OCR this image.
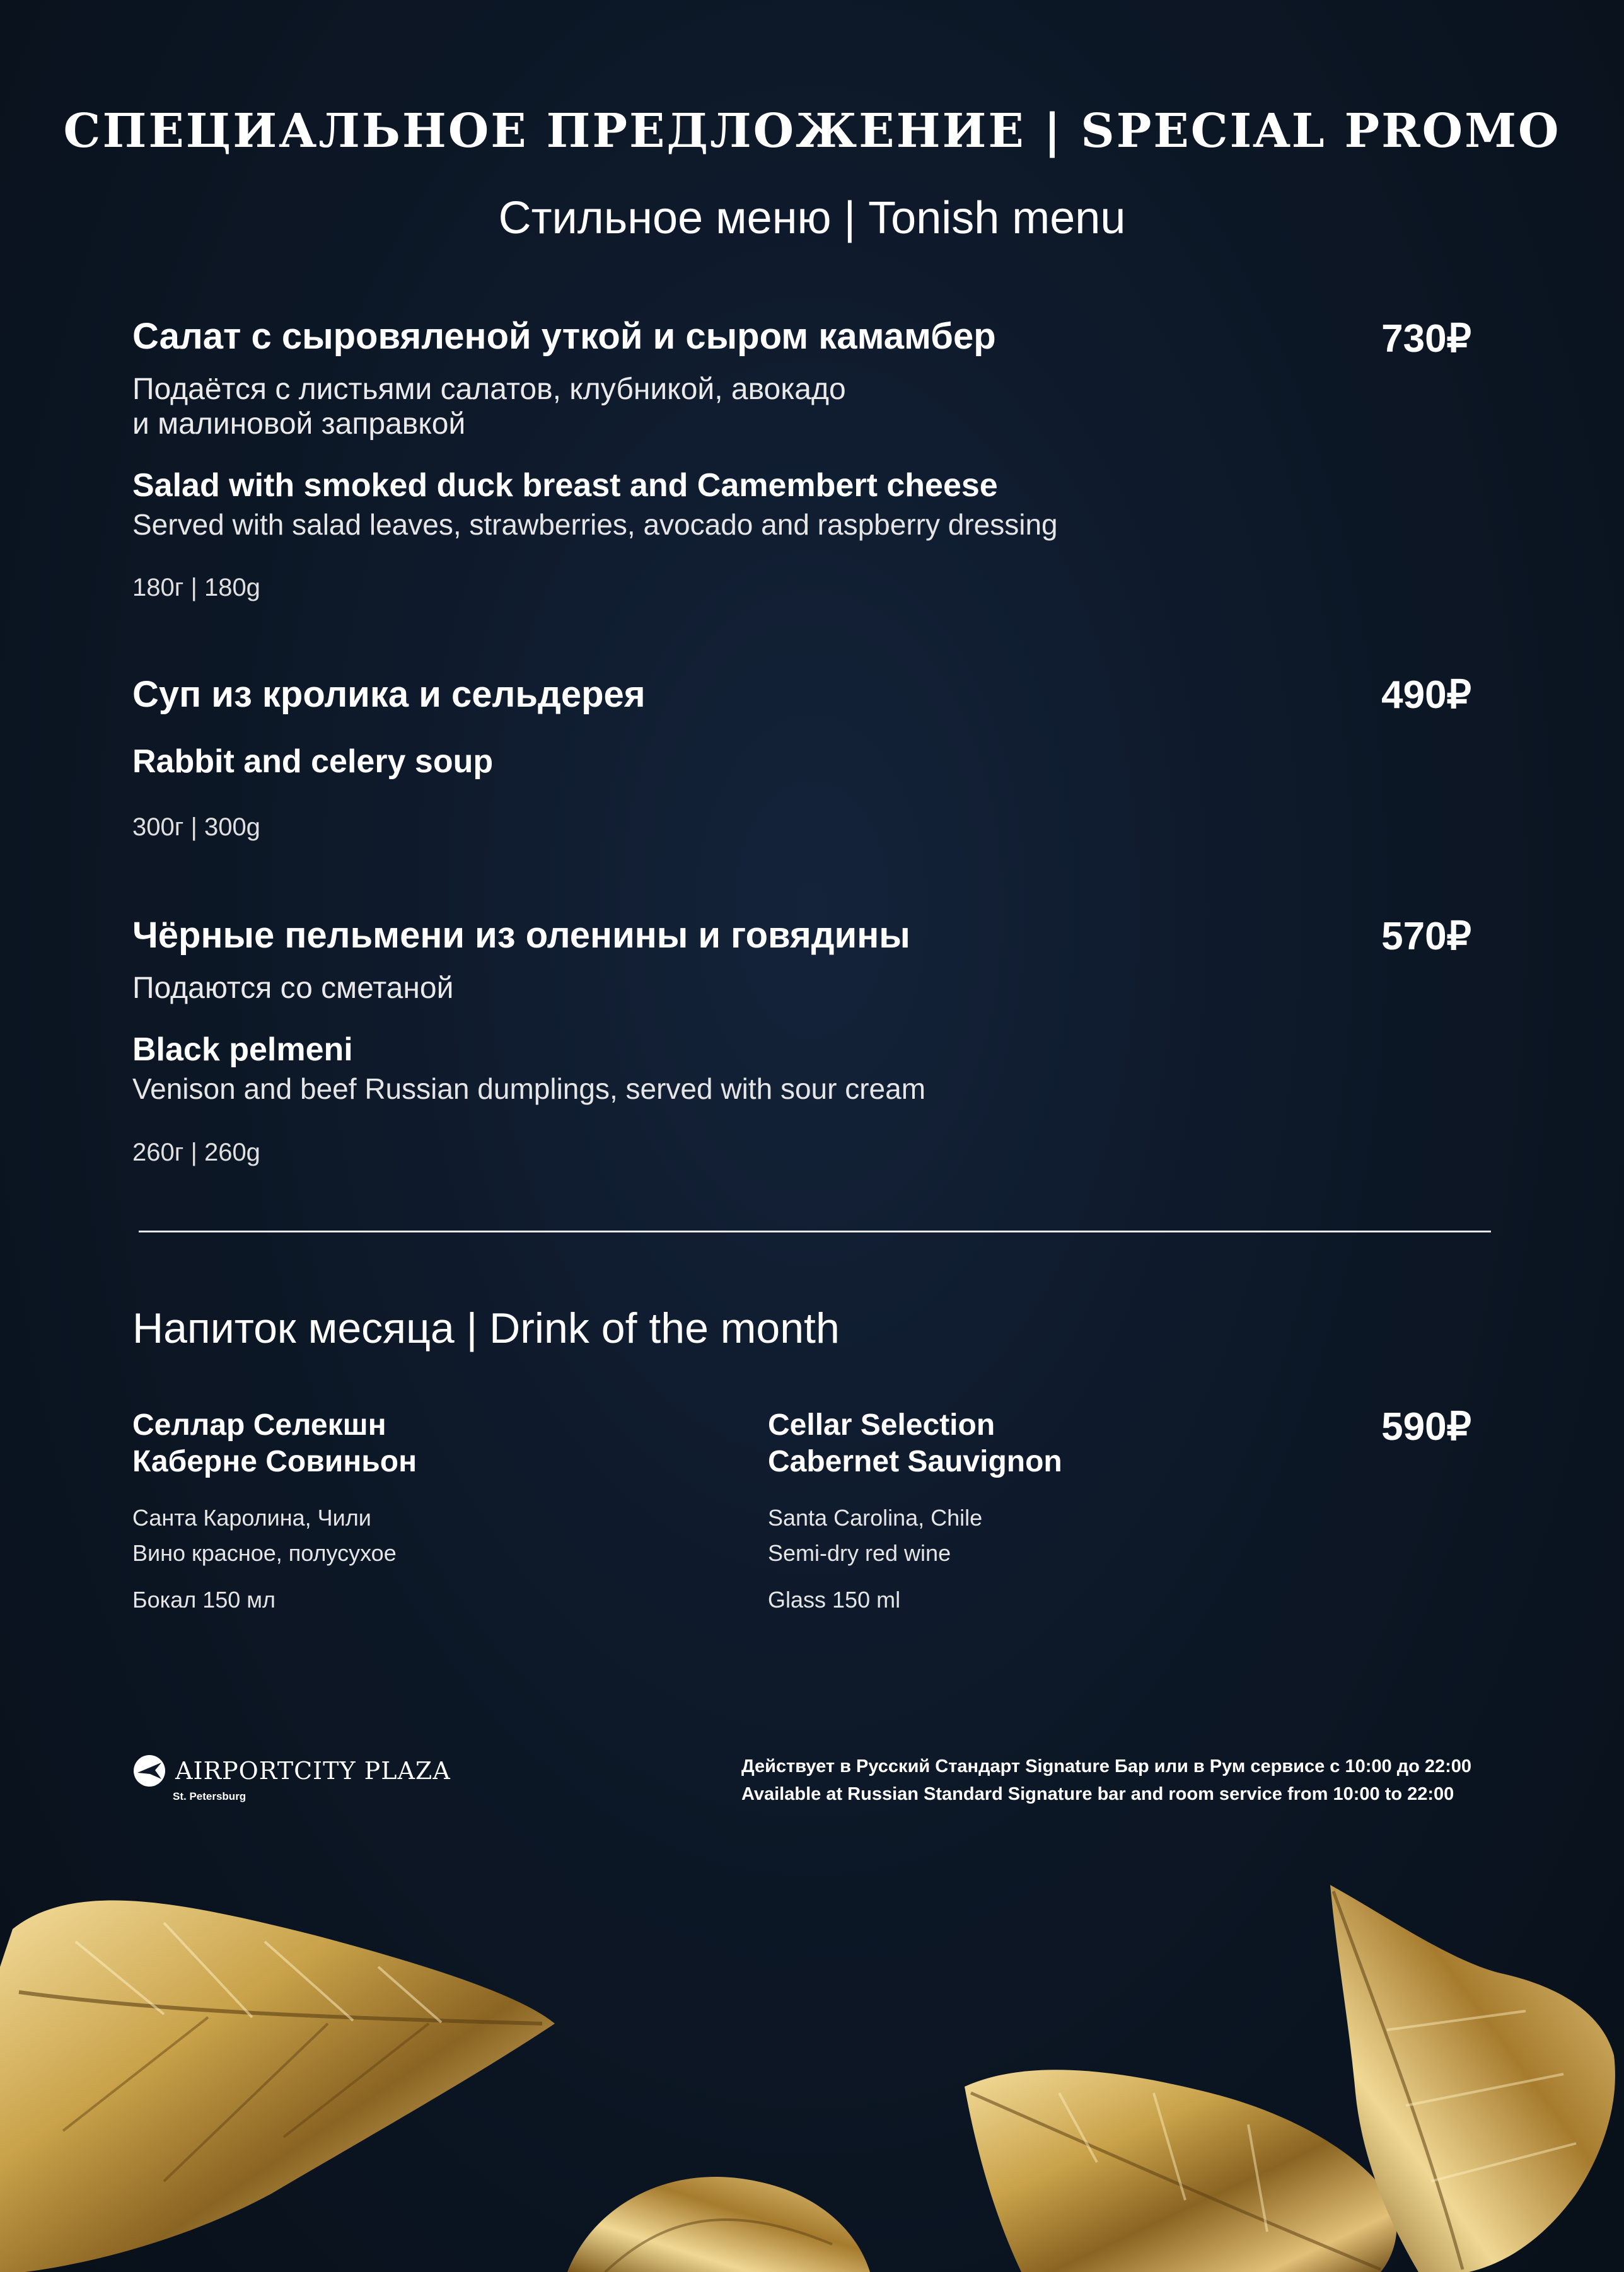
СПЕЦИАЛЬНОЕ ПРЕДЛОЖЕНИЕ | SPECIAL PROMO
Стильное меню | Tonish menu
Салат с сыровяленой уткой и сыром камамбер	730₽
Подаётся с листьями салатов, клубникой, авокадо
и малиновой заправкой
Salad with smoked duck breast and Camembert cheese
Served with salad leaves, strawberries, avocado and raspberry dressing
180г | 180g
Суп из кролика и сельдерея	490₽
Rabbit and celery soup
300г | 300g
Чёрные пельмени из оленины и говядины	570₽
Подаются со сметаной
Black pelmeni
Venison and beef Russian dumplings, served with sour cream
260г | 260g
Напиток месяца | Drink of the month
Селлар Селекшн
Каберне Совиньон
Санта Каролина, Чили
Вино красное, полусухое
Бокал 150 мл
Cellar Selection
Cabernet Sauvignon
Santa Carolina, Chile
Semi-dry red wine
Glass 150 ml
590₽
AIRPORTCITY PLAZA
St. Petersburg
Действует в Русский Стандарт Signature Бар или в Рум сервисе с 10:00 до 22:00
Available at Russian Standard Signature bar and room service from 10:00 to 22:00
